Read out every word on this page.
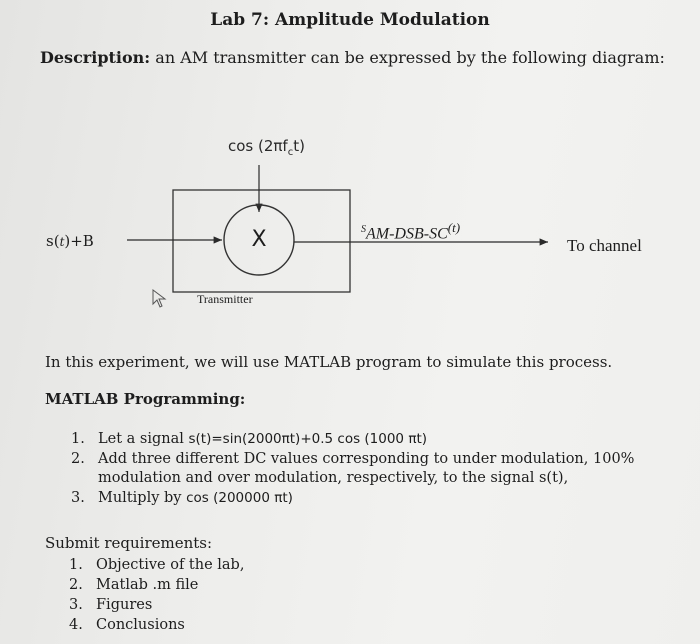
Lab 7: Amplitude Modulation
Description: an AM transmitter can be expressed by the following diagram:
$\cos (2\pi f_ct)$
s(t)+B	X	$^S$AM-DSB-SC$^{(t)}$
To channel
Transmitter
In this experiment, we will use MATLAB program to simulate this process.
MATLAB Programming:
1. Let a signal s(t)=sin(2000πt)+0.5 cos (1000 πt)
2. Add three different DC values corresponding to under modulation, 100% modulation and over modulation, respectively, to the signal s(t),
3. Multiply by cos (200000 πt)
Submit requirements:
1. Objective of the lab,
2. Matlab .m file
3. Figures
4. Conclusions
